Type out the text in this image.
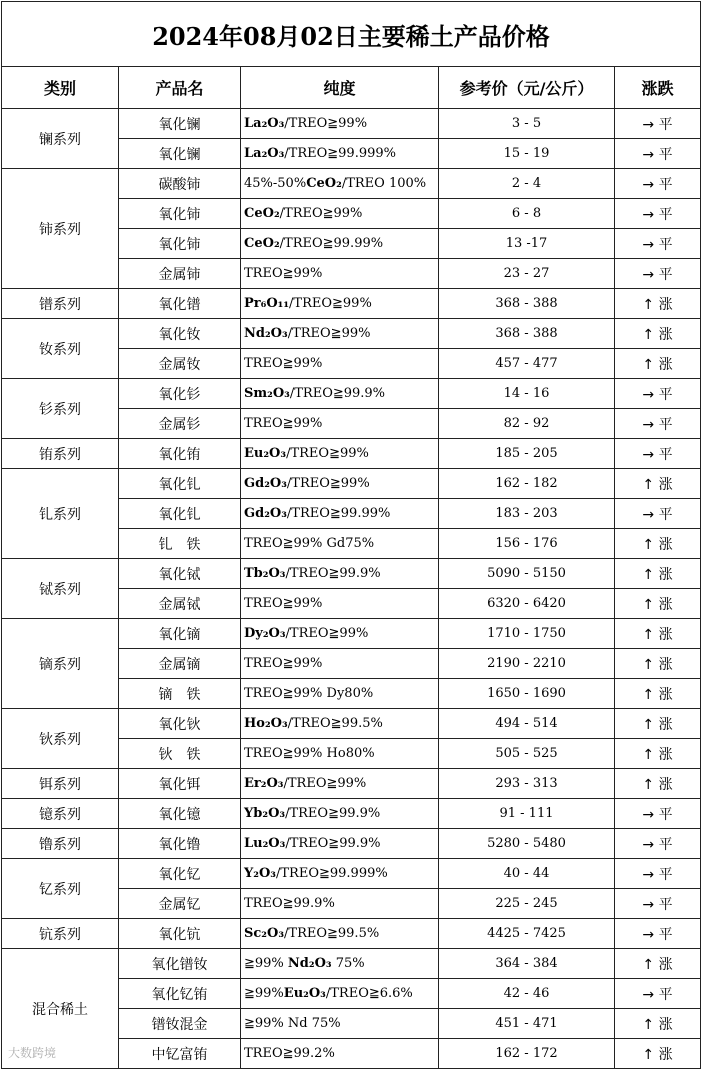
2024年08月02日主要稀土产品价格				
类别	产品名	纯度	参考价（元/公斤）	涨跌
镧系列	氧化镧	La₂O₃/TREO≧99%	3 - 5	→ 平
	氧化镧	La₂O₃/TREO≧99.999%	15 - 19	→ 平
铈系列	碳酸铈	45%-50%CeO₂/TREO 100%	2 - 4	→ 平
	氧化铈	CeO₂/TREO≧99%	6 - 8	→ 平
	氧化铈	CeO₂/TREO≧99.99%	13 -17	→ 平
	金属铈	TREO≧99%	23 - 27	→ 平
镨系列	氧化镨	Pr₆O₁₁/TREO≧99%	368 - 388	↑ 涨
钕系列	氧化钕	Nd₂O₃/TREO≧99%	368 - 388	↑ 涨
	金属钕	TREO≧99%	457 - 477	↑ 涨
钐系列	氧化钐	Sm₂O₃/TREO≧99.9%	14 - 16	→ 平
	金属钐	TREO≧99%	82 - 92	→ 平
铕系列	氧化铕	Eu₂O₃/TREO≧99%	185 - 205	→ 平
钆系列	氧化钆	Gd₂O₃/TREO≧99%	162 - 182	↑ 涨
	氧化钆	Gd₂O₃/TREO≧99.99%	183 - 203	→ 平
	钆　铁	TREO≧99% Gd75%	156 - 176	↑ 涨
铽系列	氧化铽	Tb₂O₃/TREO≧99.9%	5090 - 5150	↑ 涨
	金属铽	TREO≧99%	6320 - 6420	↑ 涨
镝系列	氧化镝	Dy₂O₃/TREO≧99%	1710 - 1750	↑ 涨
	金属镝	TREO≧99%	2190 - 2210	↑ 涨
	镝　铁	TREO≧99% Dy80%	1650 - 1690	↑ 涨
钬系列	氧化钬	Ho₂O₃/TREO≧99.5%	494 - 514	↑ 涨
	钬　铁	TREO≧99% Ho80%	505 - 525	↑ 涨
铒系列	氧化铒	Er₂O₃/TREO≧99%	293 - 313	↑ 涨
镱系列	氧化镱	Yb₂O₃/TREO≧99.9%	91 - 111	→ 平
镥系列	氧化镥	Lu₂O₃/TREO≧99.9%	5280 - 5480	→ 平
钇系列	氧化钇	Y₂O₃/TREO≧99.999%	40 - 44	→ 平
	金属钇	TREO≧99.9%	225 - 245	→ 平
钪系列	氧化钪	Sc₂O₃/TREO≧99.5%	4425 - 7425	→ 平
混合稀土	氧化镨钕	≧99% Nd₂O₃ 75%	364 - 384	↑ 涨
	氧化钇铕	≧99%Eu₂O₃/TREO≧6.6%	42 - 46	→ 平
	镨钕混金	≧99% Nd 75%	451 - 471	↑ 涨
	中钇富铕	TREO≧99.2%	162 - 172	↑ 涨
大数跨境
